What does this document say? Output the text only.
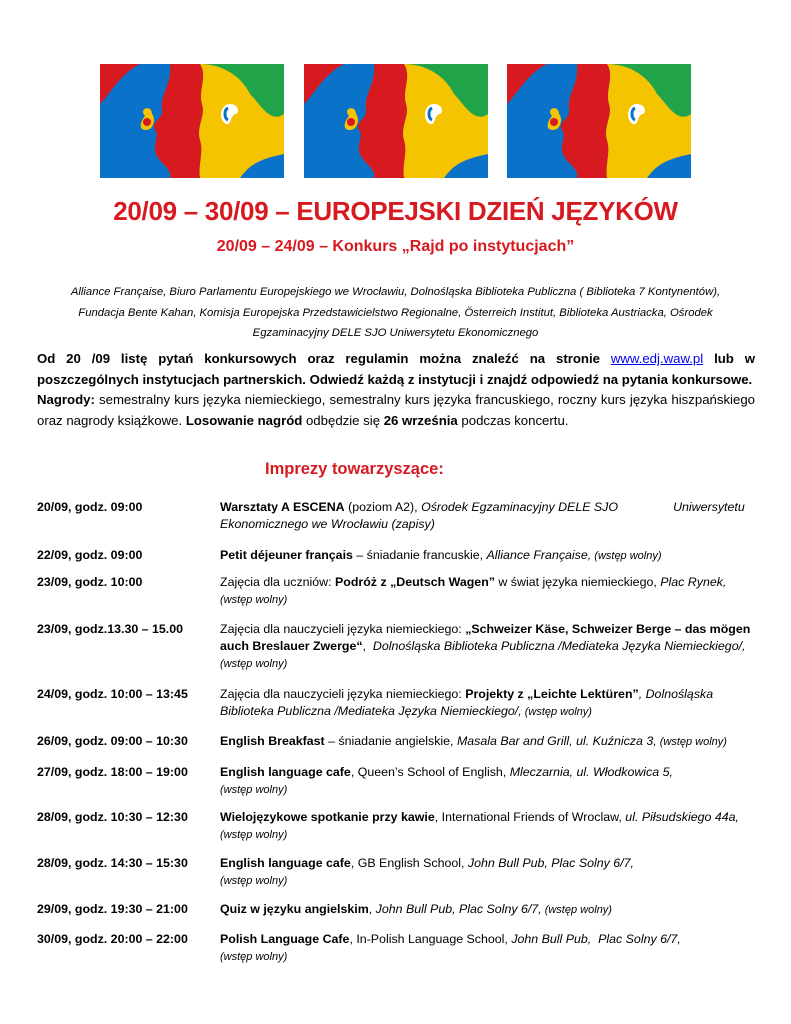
20/09 – 30/09 – EUROPEJSKI DZIEŃ JĘZYKÓW
20/09 – 24/09 – Konkurs „Rajd po instytucjach”
Alliance Française, Biuro Parlamentu Europejskiego we Wrocławiu, Dolnośląska Biblioteka Publiczna ( Biblioteka 7 Kontynentów),
Fundacja Bente Kahan, Komisja Europejska Przedstawicielstwo Regionalne, Österreich Institut, Biblioteka Austriacka, Ośrodek
Egzaminacyjny DELE SJO Uniwersytetu Ekonomicznego
Od 20 /09 listę pytań konkursowych oraz regulamin można znaleźć na stronie www.edj.waw.pl lub w poszczególnych instytucjach partnerskich. Odwiedź każdą z instytucji i znajdź odpowiedź na pytania konkursowe.
Nagrody: semestralny kurs języka niemieckiego, semestralny kurs języka francuskiego, roczny kurs języka hiszpańskiego oraz nagrody książkowe. Losowanie nagród odbędzie się 26 września podczas koncertu.
Imprezy towarzyszące:
20/09, godz. 09:00	Warsztaty A ESCENA (poziom A2), Ośrodek Egzaminacyjny DELE SJO                Uniwersytetu Ekonomicznego we Wrocławiu (zapisy)
22/09, godz. 09:00	Petit déjeuner français – śniadanie francuskie, Alliance Française, (wstęp wolny)
23/09, godz. 10:00	Zajęcia dla uczniów: Podróż z „Deutsch Wagen” w świat języka niemieckiego, Plac Rynek,
(wstęp wolny)
23/09, godz.13.30 – 15.00	Zajęcia dla nauczycieli języka niemieckiego: „Schweizer Käse, Schweizer Berge – das mögen auch Breslauer Zwerge“,  Dolnośląska Biblioteka Publiczna /Mediateka Języka Niemieckiego/, (wstęp wolny)
24/09, godz. 10:00 – 13:45	Zajęcia dla nauczycieli języka niemieckiego: Projekty z „Leichte Lektüren”, Dolnośląska Biblioteka Publiczna /Mediateka Języka Niemieckiego/, (wstęp wolny)
26/09, godz. 09:00 – 10:30	English Breakfast – śniadanie angielskie, Masala Bar and Grill, ul. Kuźnicza 3, (wstęp wolny)
27/09, godz. 18:00 – 19:00	English language cafe, Queen’s School of English, Mleczarnia, ul. Włodkowica 5,
(wstęp wolny)
28/09, godz. 10:30 – 12:30	Wielojęzykowe spotkanie przy kawie, International Friends of Wroclaw, ul. Piłsudskiego 44a,
(wstęp wolny)
28/09, godz. 14:30 – 15:30	English language cafe, GB English School, John Bull Pub, Plac Solny 6/7,
(wstęp wolny)
29/09, godz. 19:30 – 21:00	Quiz w języku angielskim, John Bull Pub, Plac Solny 6/7, (wstęp wolny)
30/09, godz. 20:00 – 22:00	Polish Language Cafe, In-Polish Language School, John Bull Pub,  Plac Solny 6/7,
(wstęp wolny)
